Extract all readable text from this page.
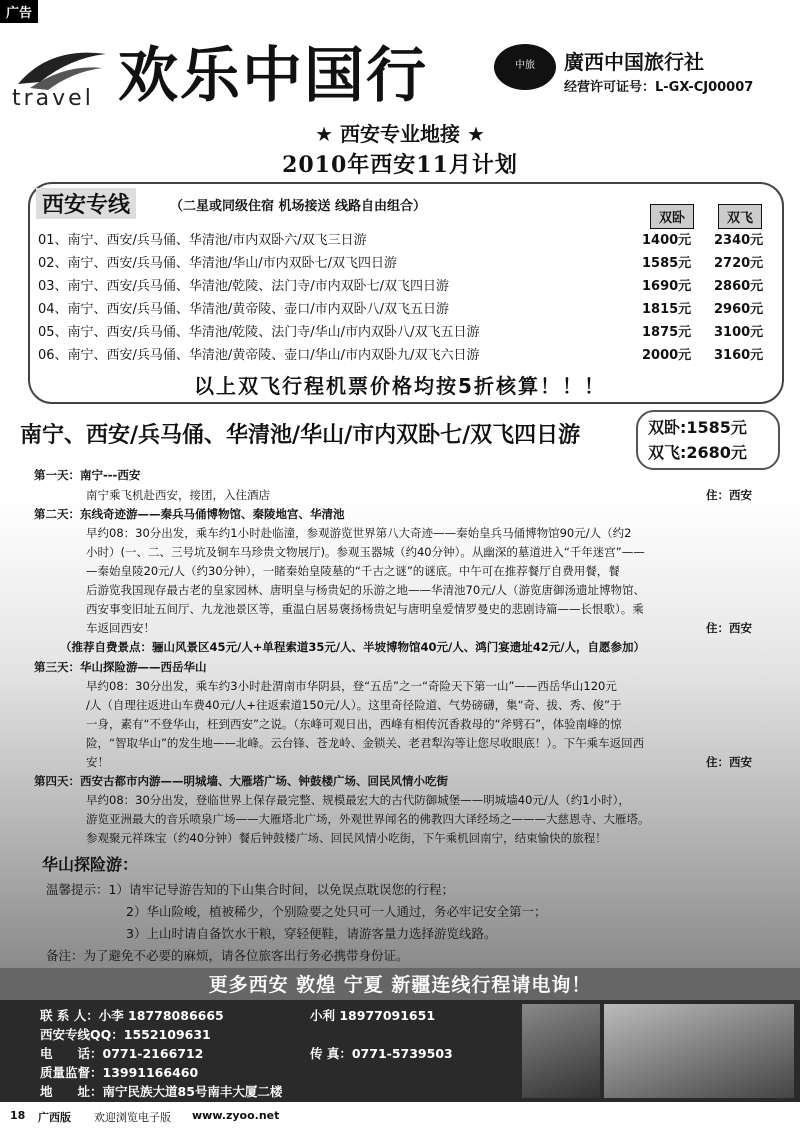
广告
travel 欢乐中国行	中旅	廣西中国旅行社
经营许可证号：L-GX-CJ00007
★ 西安专业地接 ★
2010年西安11月计划
西安专线	（二星或同级住宿 机场接送 线路自由组合）
双卧	双飞
01、南宁、西安/兵马俑、华清池/市内双卧六/双飞三日游	1400元 2340元
02、南宁、西安/兵马俑、华清池/华山/市内双卧七/双飞四日游	1585元 2720元
03、南宁、西安/兵马俑、华清池/乾陵、法门寺/市内双卧七/双飞四日游	1690元 2860元
04、南宁、西安/兵马俑、华清池/黄帝陵、壶口/市内双卧八/双飞五日游	1815元 2960元
05、南宁、西安/兵马俑、华清池/乾陵、法门寺/华山/市内双卧八/双飞五日游	1875元 3100元
06、南宁、西安/兵马俑、华清池/黄帝陵、壶口/华山/市内双卧九/双飞六日游	2000元 3160元
以上双飞行程机票价格均按5折核算！！！
南宁、西安/兵马俑、华清池/华山/市内双卧七/双飞四日游	双卧:1585元
双飞:2680元
第一天：南宁---西安
南宁乘飞机赴西安，接团，入住酒店	住：西安
第二天：东线奇迹游——秦兵马俑博物馆、秦陵地宫、华清池
早约08：30分出发，乘车约1小时赴临潼，参观游览世界第八大奇迹——秦始皇兵马俑博物馆90元/人（约2
小时）(一、二、三号坑及铜车马珍贵文物展厅)。参观玉器城（约40分钟）。从幽深的墓道进入“千年迷宫”——
—秦始皇陵20元/人（约30分钟），一睹秦始皇陵墓的“千古之谜”的谜底。中午可在推荐餐厅自费用餐，餐
后游览我国现存最古老的皇家园林、唐明皇与杨贵妃的乐游之地——华清池70元/人（游览唐御汤遗址博物馆、
西安事变旧址五间厅、九龙池景区等，重温白居易褒扬杨贵妃与唐明皇爱情罗曼史的悲剧诗篇——长恨歌）。乘
车返回西安！	住：西安
（推荐自费景点：骊山风景区45元/人+单程索道35元/人、半坡博物馆40元/人、鸿门宴遗址42元/人，自愿参加）
第三天：华山探险游——西岳华山
早约08：30分出发，乘车约3小时赴渭南市华阴县，登“五岳”之一“奇险天下第一山”——西岳华山120元
/人（自理往返进山车费40元/人+往返索道150元/人）。这里奇径险道、气势磅礴，集“奇、拔、秀、俊”于
一身，素有“不登华山，枉到西安”之说。（东峰可观日出，西峰有相传沉香救母的“斧劈石”，体验南峰的惊
险，“智取华山”的发生地——北峰。云台锋、苍龙岭、金锁关、老君犁沟等让您尽收眼底！）。下午乘车返回西
安！	住：西安
第四天：西安古都市内游——明城墙、大雁塔广场、钟鼓楼广场、回民风情小吃街
早约08：30分出发，登临世界上保存最完整、规模最宏大的古代防御城堡——明城墙40元/人（约1小时），
游览亚洲最大的音乐喷泉广场——大雁塔北广场，外观世界闻名的佛教四大译经场之———大慈恩寺、大雁塔。
参观聚元祥珠宝（约40分钟）餐后钟鼓楼广场、回民风情小吃街，下午乘机回南宁，结束愉快的旅程！
华山探险游：
温馨提示：1）请牢记导游告知的下山集合时间，以免误点耽误您的行程；
2）华山险峻，植被稀少，个别险要之处只可一人通过，务必牢记安全第一；
3）上山时请自备饮水干粮，穿轻便鞋，请游客量力选择游览线路。
备注：为了避免不必要的麻烦，请各位旅客出行务必携带身份证。
更多西安 敦煌 宁夏 新疆连线行程请电询！
联 系 人：小李 18778086665	小利 18977091651
西安专线QQ：1552109631
电　　话：0771-2166712	传 真：0771-5739503
质量监督：13991166460
地　　址：南宁民族大道85号南丰大厦二楼
18 广西版 欢迎浏览电子版 www.zyoo.net
